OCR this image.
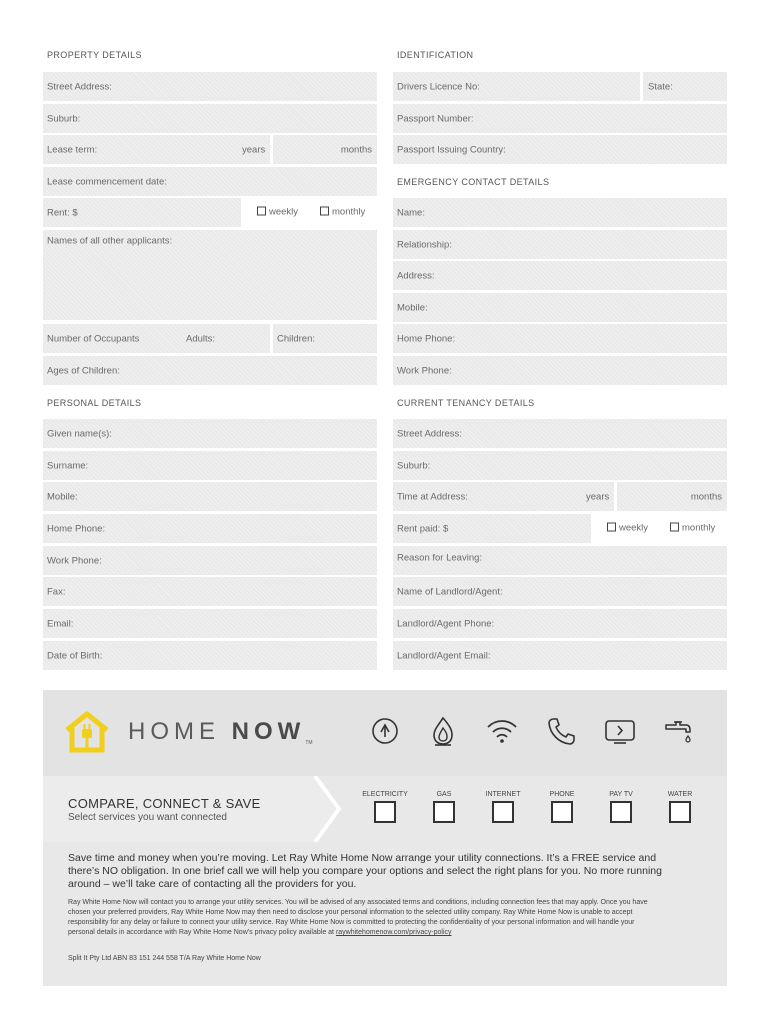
PROPERTY DETAILS
Street Address:
Suburb:
Lease term:	years	months
Lease commencement date:
Rent: $	weekly	monthly
Names of all other applicants:
Number of Occupants	Adults:	Children:
Ages of Children:
PERSONAL DETAILS
Given name(s):
Surname:
Mobile:
Home Phone:
Work Phone:
Fax:
Email:
Date of Birth:
IDENTIFICATION
Drivers Licence No:	State:
Passport Number:
Passport Issuing Country:
EMERGENCY CONTACT DETAILS
Name:
Relationship:
Address:
Mobile:
Home Phone:
Work Phone:
CURRENT TENANCY DETAILS
Street Address:
Suburb:
Time at Address:	years	months
Rent paid: $	weekly	monthly
Reason for Leaving:
Name of Landlord/Agent:
Landlord/Agent Phone:
Landlord/Agent Email:
HOME NOWTM
COMPARE, CONNECT & SAVE
Select services you want connected
ELECTRICITY	GAS	INTERNET	PHONE	PAY TV	WATER
Save time and money when you’re moving. Let Ray White Home Now arrange your utility connections. It’s a FREE service and there’s NO obligation. In one brief call we will help you compare your options and select the right plans for you. No more running around – we’ll take care of contacting all the providers for you.
Ray White Home Now will contact you to arrange your utility services. You will be advised of any associated terms and conditions, including connection fees that may apply. Once you have chosen your preferred providers, Ray White Home Now may then need to disclose your personal information to the selected utility company. Ray White Home Now is unable to accept responsibility for any delay or failure to connect your utility service. Ray White Home Now is committed to protecting the confidentiality of your personal information and will handle your personal details in accordance with Ray White Home Now’s privacy policy available at raywhitehomenow.com/privacy-policy
Split It Pty Ltd ABN 83 151 244 558 T/A Ray White Home Now
